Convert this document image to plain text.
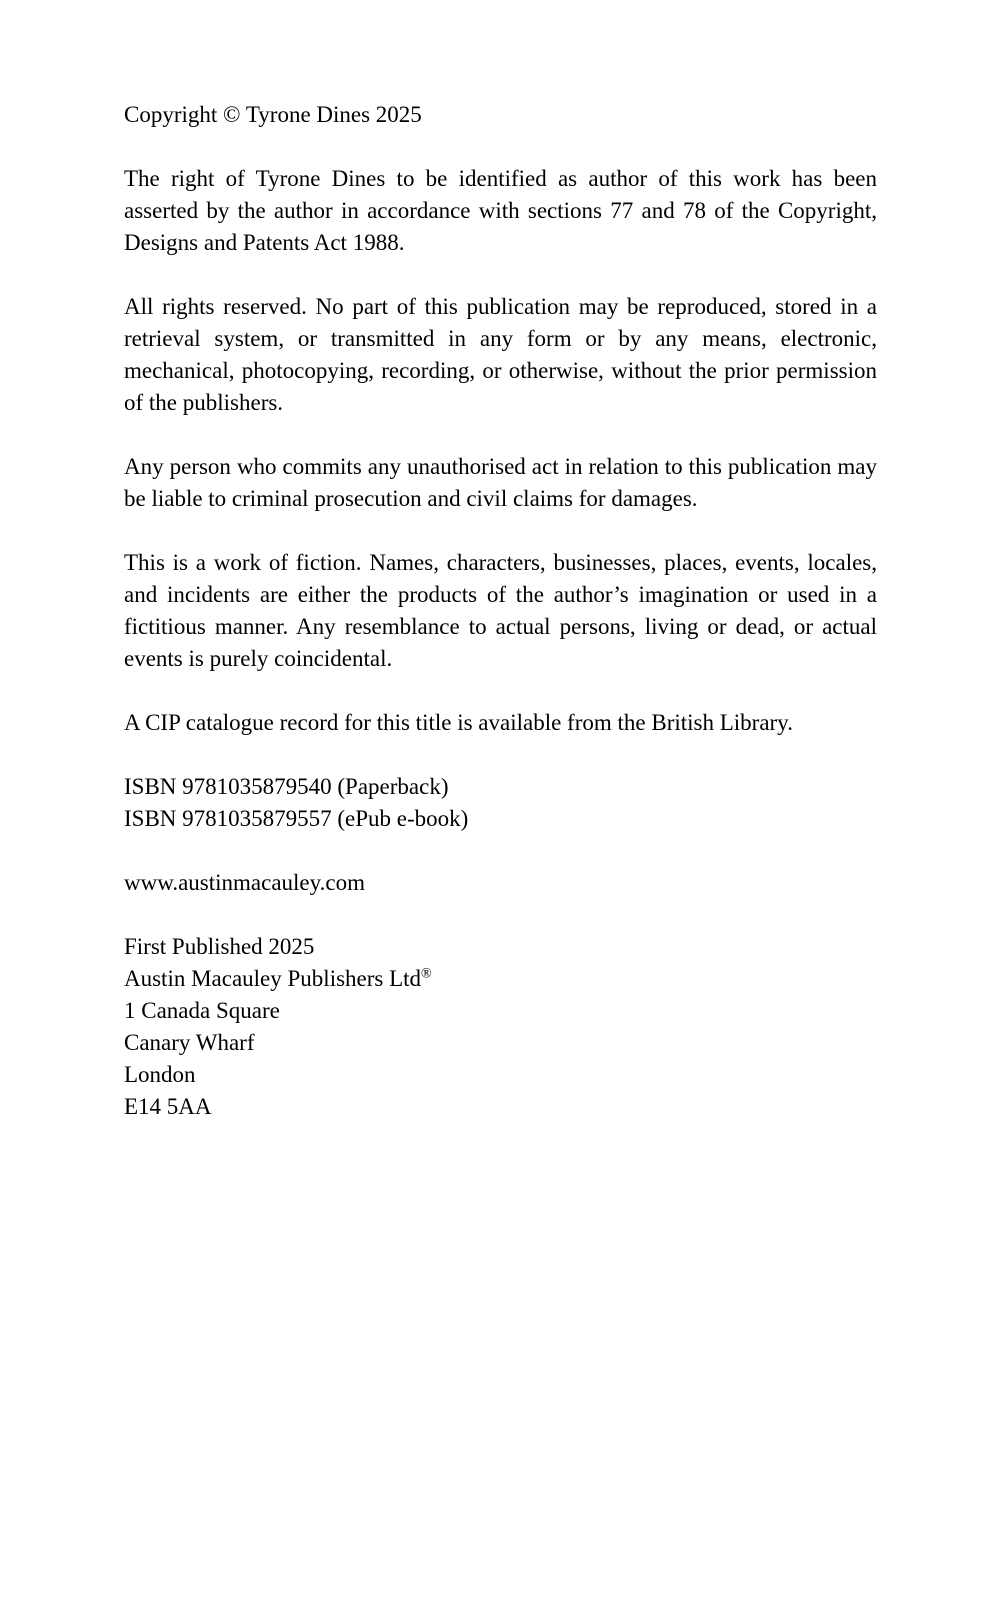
Copyright © Tyrone Dines 2025

The right of Tyrone Dines to be identified as author of this work has been asserted by the author in accordance with sections 77 and 78 of the Copyright, Designs and Patents Act 1988.

All rights reserved. No part of this publication may be reproduced, stored in a retrieval system, or transmitted in any form or by any means, electronic, mechanical, photocopying, recording, or otherwise, without the prior permission of the publishers.

Any person who commits any unauthorised act in relation to this publication may be liable to criminal prosecution and civil claims for damages.

This is a work of fiction. Names, characters, businesses, places, events, locales, and incidents are either the products of the author’s imagination or used in a fictitious manner. Any resemblance to actual persons, living or dead, or actual events is purely coincidental.

A CIP catalogue record for this title is available from the British Library.

ISBN 9781035879540 (Paperback)

ISBN 9781035879557 (ePub e-book)

www.austinmacauley.com

First Published 2025

Austin Macauley Publishers Ltd®

1 Canada Square

Canary Wharf

London

E14 5AA
